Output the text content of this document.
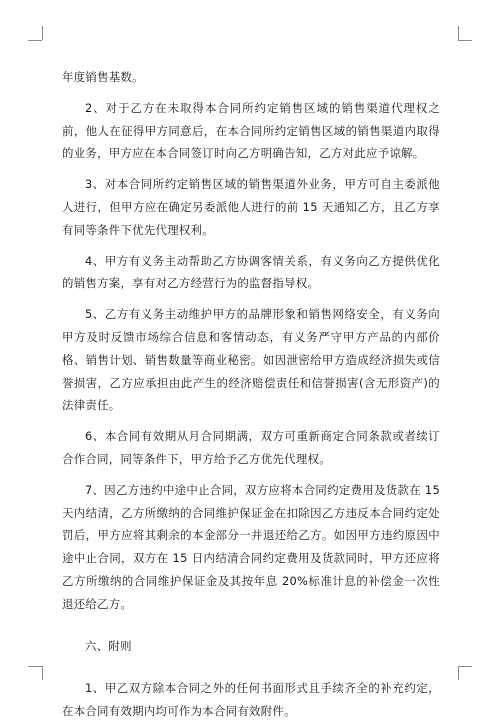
年度销售基数。

2、对于乙方在未取得本合同所约定销售区域的销售渠道代理权之前，他人在征得甲方同意后，在本合同所约定销售区域的销售渠道内取得的业务，甲方应在本合同签订时向乙方明确告知，乙方对此应予谅解。

3、对本合同所约定销售区域的销售渠道外业务，甲方可自主委派他人进行，但甲方应在确定另委派他人进行的前 15 天通知乙方，且乙方享有同等条件下优先代理权利。

4、甲方有义务主动帮助乙方协调客情关系，有义务向乙方提供优化的销售方案，享有对乙方经营行为的监督指导权。

5、乙方有义务主动维护甲方的品牌形象和销售网络安全，有义务向甲方及时反馈市场综合信息和客情动态，有义务严守甲方产品的内部价格、销售计划、销售数量等商业秘密。如因泄密给甲方造成经济损失或信誉损害，乙方应承担由此产生的经济赔偿责任和信誉损害(含无形资产)的法律责任。

6、本合同有效期从月合同期满，双方可重新商定合同条款或者续订合作合同，同等条件下，甲方给予乙方优先代理权。

7、因乙方违约中途中止合同，双方应将本合同约定费用及货款在 15 天内结清，乙方所缴纳的合同维护保证金在扣除因乙方违反本合同约定处罚后，甲方应将其剩余的本金部分一并退还给乙方。如因甲方违约原因中途中止合同，双方在 15 日内结清合同约定费用及货款同时，甲方还应将乙方所缴纳的合同维护保证金及其按年息 20%标准计息的补偿金一次性退还给乙方。

六、附则

1、甲乙双方除本合同之外的任何书面形式且手续齐全的补充约定，在本合同有效期内均可作为本合同有效附件。
